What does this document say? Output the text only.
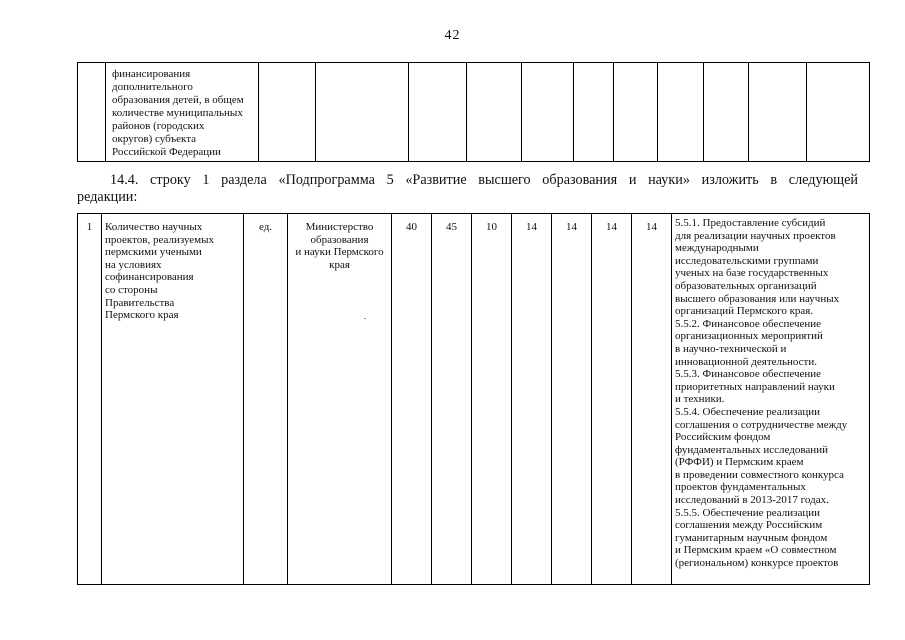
42

финансирования
дополнительного
образования детей, в общем
количестве муниципальных
районов (городских
округов) субъекта
Российской Федерации

14.4. строку 1 раздела «Подпрограмма 5 «Развитие высшего образования и науки» изложить в следующей
редакции:
1	Количество научных
проектов, реализуемых
пермскими учеными
на условиях
софинансирования
со стороны
Правительства
Пермского края
	ед.	Министерство
образования
и науки Пермского
края
	40	45	10	14	14	14	14	5.5.1. Предоставление субсидий
для реализации научных проектов
международными
исследовательскими группами
ученых на базе государственных
образовательных организаций
высшего образования или научных
организаций Пермского края.
5.5.2. Финансовое обеспечение
организационных мероприятий
в научно-технической и
инновационной деятельности.
5.5.3. Финансовое обеспечение
приоритетных направлений науки
и техники.
5.5.4. Обеспечение реализации
соглашения о сотрудничестве между
Российским фондом
фундаментальных исследований
(РФФИ) и Пермским краем
в проведении совместного конкурса
проектов фундаментальных
исследований в 2013-2017 годах.
5.5.5. Обеспечение реализации
соглашения между Российским
гуманитарным научным фондом
и Пермским краем «О совместном
(региональном) конкурсе проектов
